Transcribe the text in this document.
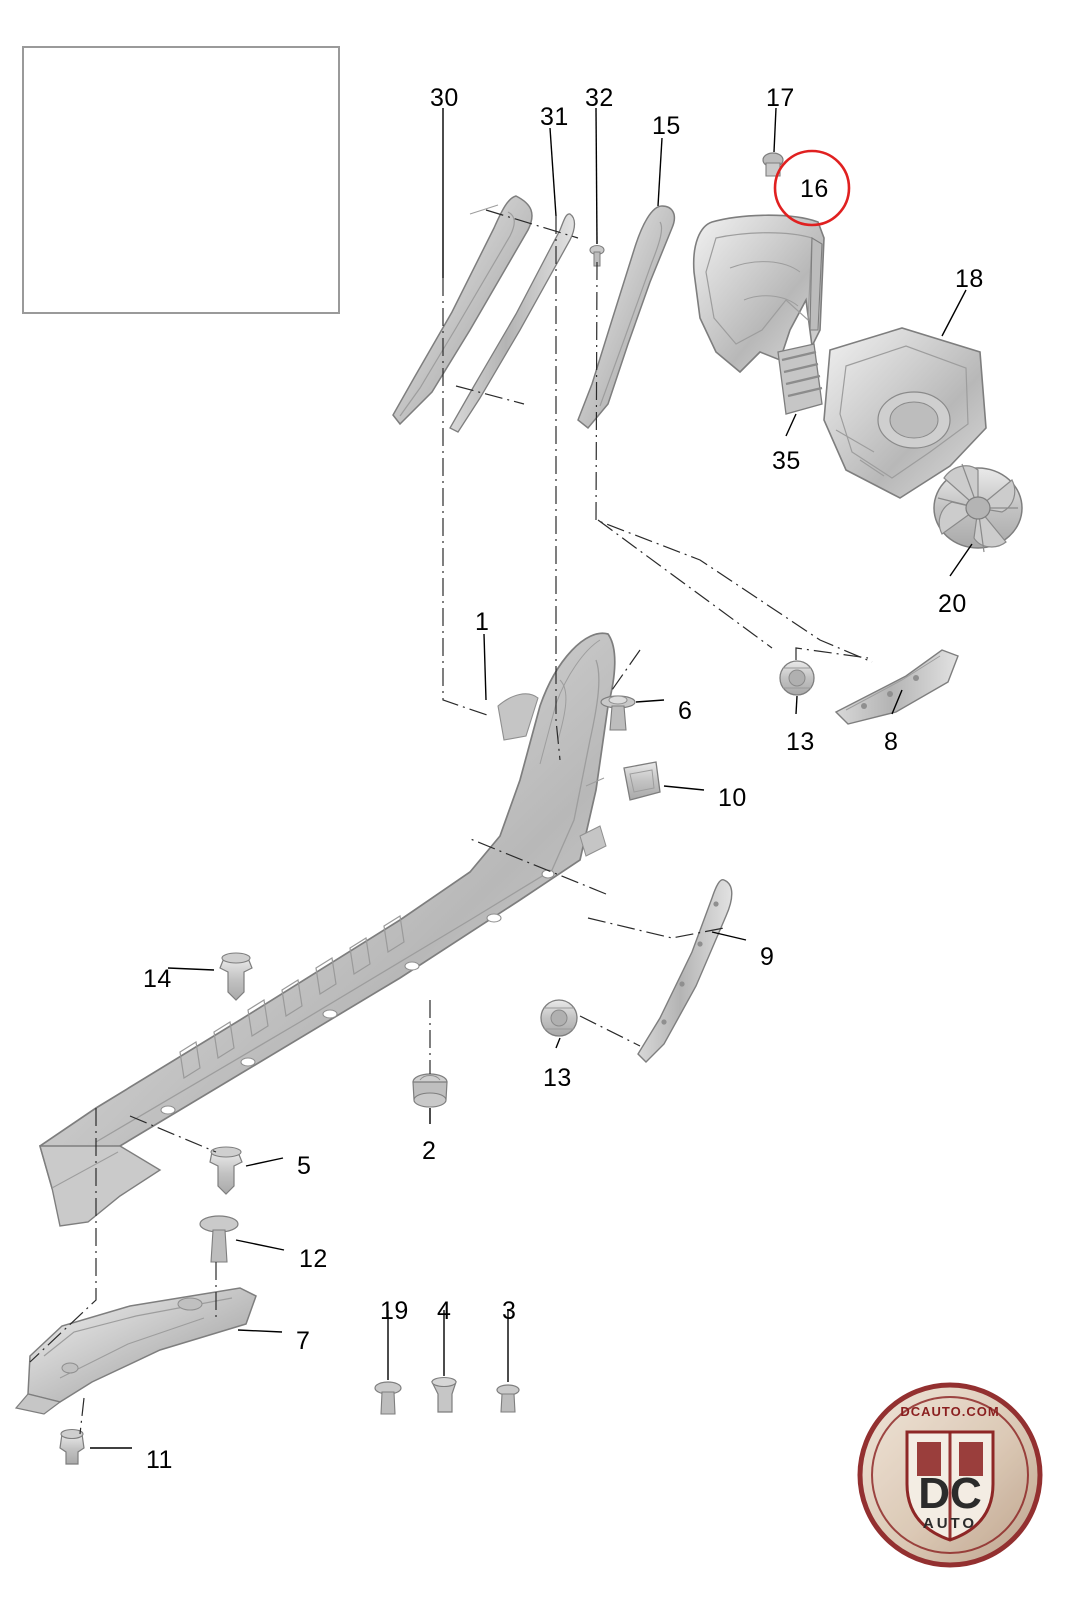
30
31
32
15
17
16
18
35
20
1
6
13	8
10
9
14
13
2
5
12
19 4 3
7
11
DC
AUTO
DCAUTO.COM
